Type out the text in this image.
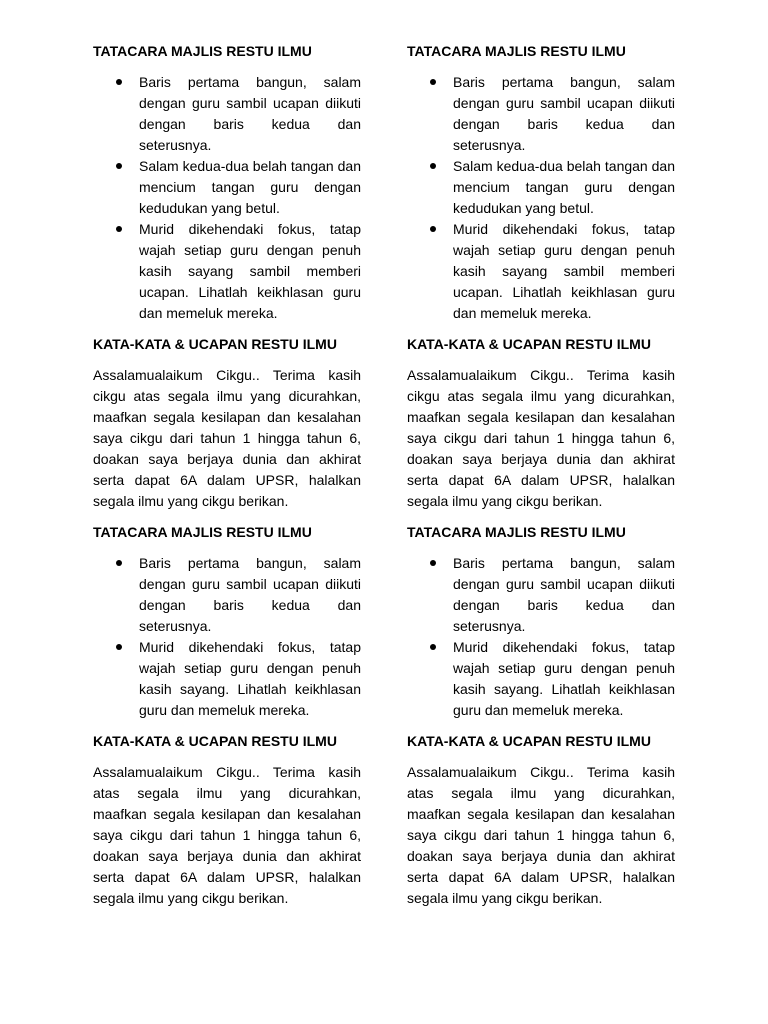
TATACARA MAJLIS RESTU ILMU
Baris pertama bangun, salam dengan guru sambil ucapan diikuti dengan baris kedua dan seterusnya.
Salam kedua-dua belah tangan dan mencium tangan guru dengan kedudukan yang betul.
Murid dikehendaki fokus, tatap wajah setiap guru dengan penuh kasih sayang sambil memberi ucapan. Lihatlah keikhlasan guru dan memeluk mereka.
KATA-KATA & UCAPAN RESTU ILMU

Assalamualaikum Cikgu.. Terima kasih cikgu atas segala ilmu yang dicurahkan, maafkan segala kesilapan dan kesalahan saya cikgu dari tahun 1 hingga tahun 6, doakan saya berjaya dunia dan akhirat serta dapat 6A dalam UPSR, halalkan segala ilmu yang cikgu berikan.

TATACARA MAJLIS RESTU ILMU
Baris pertama bangun, salam dengan guru sambil ucapan diikuti dengan baris kedua dan seterusnya.
Murid dikehendaki fokus, tatap wajah setiap guru dengan penuh kasih sayang. Lihatlah keikhlasan guru dan memeluk mereka.
KATA-KATA & UCAPAN RESTU ILMU

Assalamualaikum Cikgu.. Terima kasih atas segala ilmu yang dicurahkan, maafkan segala kesilapan dan kesalahan saya cikgu dari tahun 1 hingga tahun 6, doakan saya berjaya dunia dan akhirat serta dapat 6A dalam UPSR, halalkan segala ilmu yang cikgu berikan.

TATACARA MAJLIS RESTU ILMU
Baris pertama bangun, salam dengan guru sambil ucapan diikuti dengan baris kedua dan seterusnya.
Salam kedua-dua belah tangan dan mencium tangan guru dengan kedudukan yang betul.
Murid dikehendaki fokus, tatap wajah setiap guru dengan penuh kasih sayang sambil memberi ucapan. Lihatlah keikhlasan guru dan memeluk mereka.
KATA-KATA & UCAPAN RESTU ILMU

Assalamualaikum Cikgu.. Terima kasih cikgu atas segala ilmu yang dicurahkan, maafkan segala kesilapan dan kesalahan saya cikgu dari tahun 1 hingga tahun 6, doakan saya berjaya dunia dan akhirat serta dapat 6A dalam UPSR, halalkan segala ilmu yang cikgu berikan.

TATACARA MAJLIS RESTU ILMU
Baris pertama bangun, salam dengan guru sambil ucapan diikuti dengan baris kedua dan seterusnya.
Murid dikehendaki fokus, tatap wajah setiap guru dengan penuh kasih sayang. Lihatlah keikhlasan guru dan memeluk mereka.
KATA-KATA & UCAPAN RESTU ILMU

Assalamualaikum Cikgu.. Terima kasih atas segala ilmu yang dicurahkan, maafkan segala kesilapan dan kesalahan saya cikgu dari tahun 1 hingga tahun 6, doakan saya berjaya dunia dan akhirat serta dapat 6A dalam UPSR, halalkan segala ilmu yang cikgu berikan.
